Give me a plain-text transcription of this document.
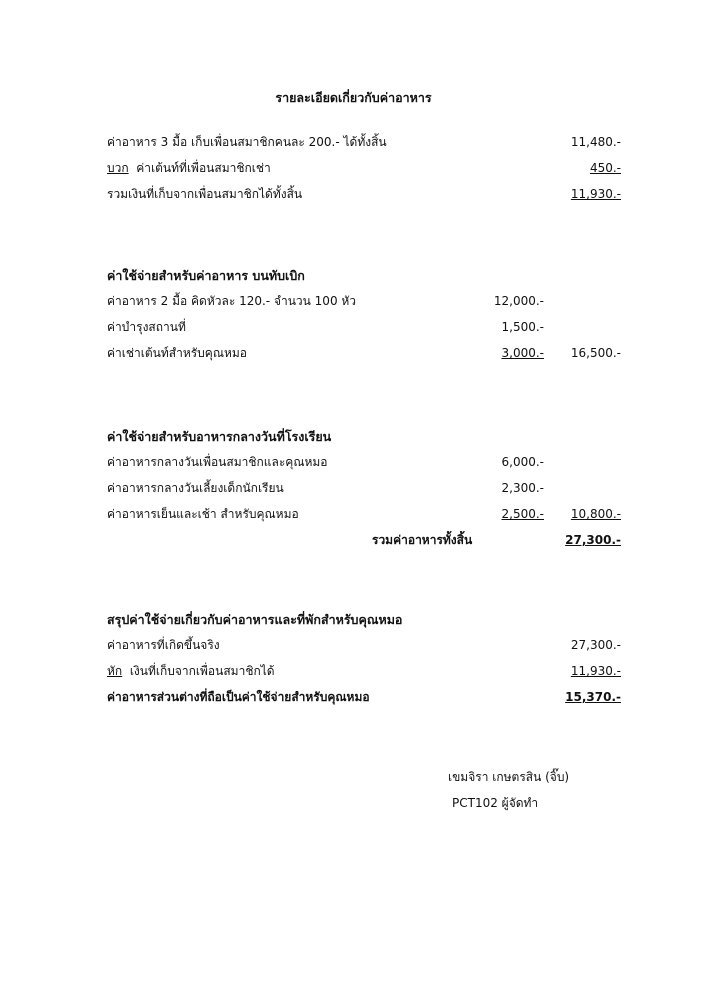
รายละเอียดเกี่ยวกับค่าอาหาร
ค่าอาหาร 3 มื้อ เก็บเพื่อนสมาชิกคนละ 200.- ได้ทั้งสิ้น	11,480.-
บวก ค่าเต้นท์ที่เพื่อนสมาชิกเช่า	450.-
รวมเงินที่เก็บจากเพื่อนสมาชิกได้ทั้งสิ้น	11,930.-
ค่าใช้จ่ายสำหรับค่าอาหาร บนทับเบิก
ค่าอาหาร 2 มื้อ คิดหัวละ 120.- จำนวน 100 หัว	12,000.-
ค่าบำรุงสถานที่	1,500.-
ค่าเช่าเต้นท์สำหรับคุณหมอ	3,000.-	16,500.-
ค่าใช้จ่ายสำหรับอาหารกลางวันที่โรงเรียน
ค่าอาหารกลางวันเพื่อนสมาชิกและคุณหมอ	6,000.-
ค่าอาหารกลางวันเลี้ยงเด็กนักเรียน	2,300.-
ค่าอาหารเย็นและเช้า สำหรับคุณหมอ	2,500.-	10,800.-
รวมค่าอาหารทั้งสิ้น	27,300.-
สรุปค่าใช้จ่ายเกี่ยวกับค่าอาหารและที่พักสำหรับคุณหมอ
ค่าอาหารที่เกิดขึ้นจริง	27,300.-
หัก เงินที่เก็บจากเพื่อนสมาชิกได้	11,930.-
ค่าอาหารส่วนต่างที่ถือเป็นค่าใช้จ่ายสำหรับคุณหมอ	15,370.-
เขมจิรา เกษตรสิน (จิ๊บ)
PCT102 ผู้จัดทำ
